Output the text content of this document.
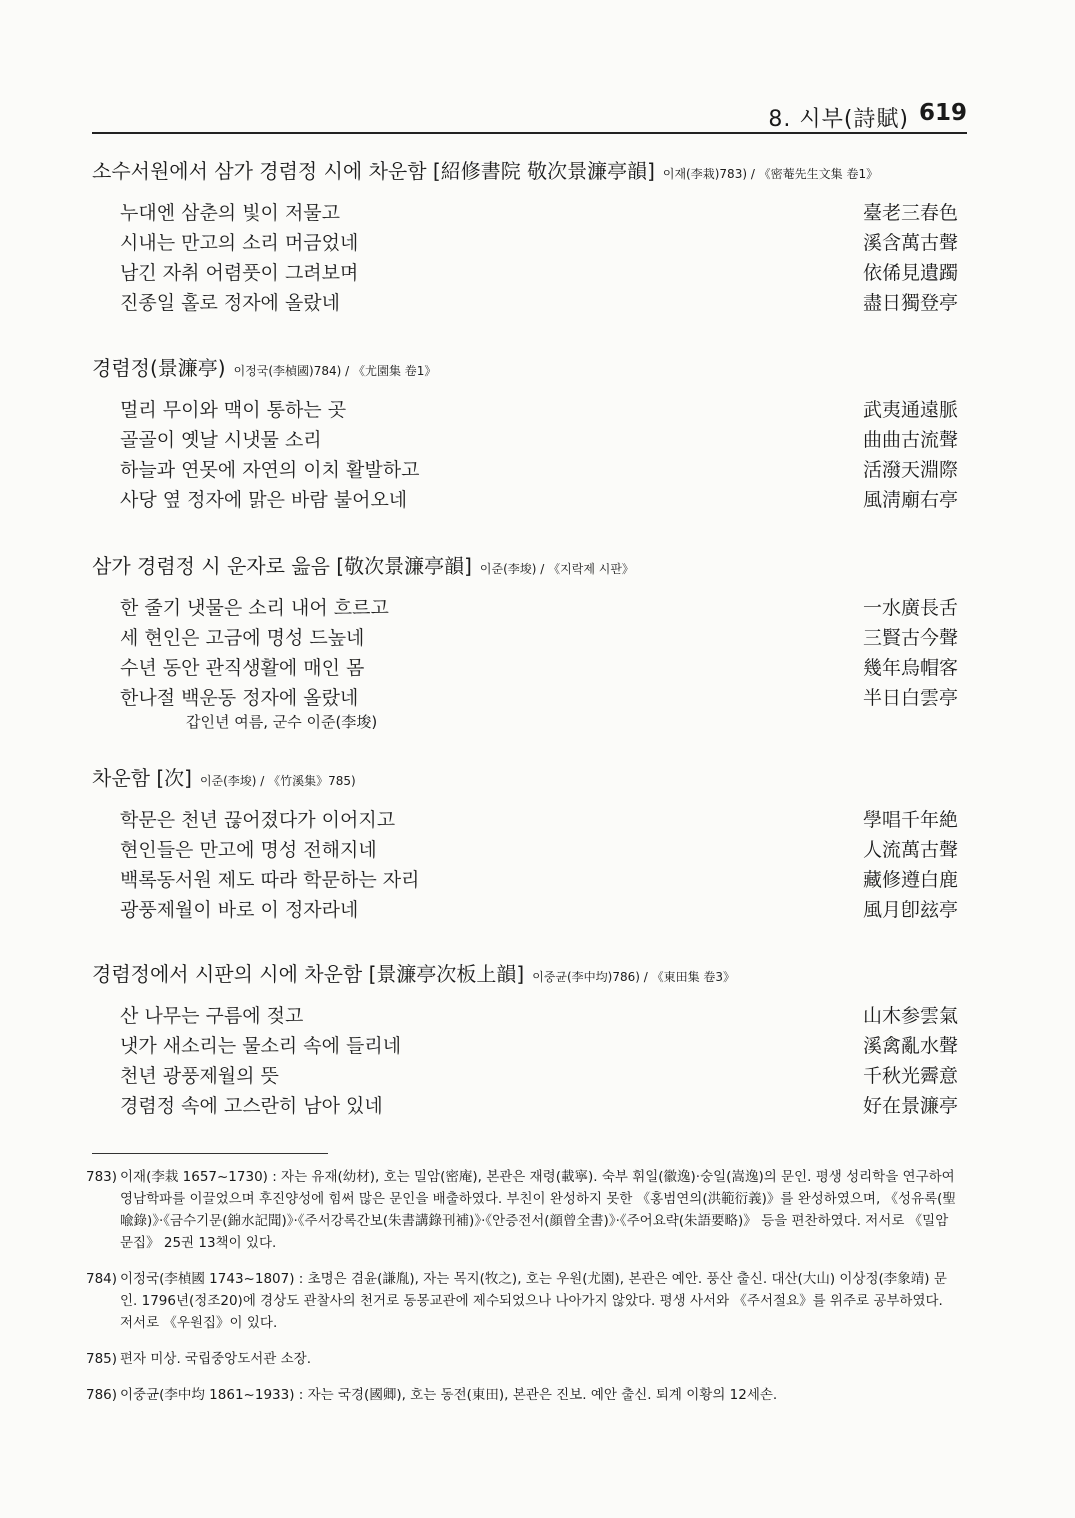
8. 시부(詩賦) 619
소수서원에서 삼가 경렴정 시에 차운함 [紹修書院 敬次景濂亭韻] 이재(李栽)783) / 《密菴先生文集 卷1》
누대엔 삼춘의 빛이 저물고	臺老三春色
시내는 만고의 소리 머금었네	溪含萬古聲
남긴 자취 어렴풋이 그려보며	依俙見遺躅
진종일 홀로 정자에 올랐네	盡日獨登亭
경렴정(景濂亭) 이정국(李楨國)784) / 《尤園集 卷1》
멀리 무이와 맥이 통하는 곳	武夷通遠脈
골골이 옛날 시냇물 소리	曲曲古流聲
하늘과 연못에 자연의 이치 활발하고	活潑天淵際
사당 옆 정자에 맑은 바람 불어오네	風淸廟右亭
삼가 경렴정 시 운자로 읊음 [敬次景濂亭韻] 이준(李埈) / 《지락제 시판》
한 줄기 냇물은 소리 내어 흐르고	一水廣長舌
세 현인은 고금에 명성 드높네	三賢古今聲
수년 동안 관직생활에 매인 몸	幾年烏帽客
한나절 백운동 정자에 올랐네	半日白雲亭
갑인년 여름, 군수 이준(李埈)
차운함 [次] 이준(李埈) / 《竹溪集》785)
학문은 천년 끊어졌다가 이어지고	學唱千年絶
현인들은 만고에 명성 전해지네	人流萬古聲
백록동서원 제도 따라 학문하는 자리	藏修遵白鹿
광풍제월이 바로 이 정자라네	風月卽玆亭
경렴정에서 시판의 시에 차운함 [景濂亭次板上韻] 이중균(李中均)786) / 《東田集 卷3》
산 나무는 구름에 젖고	山木参雲氣
냇가 새소리는 물소리 속에 들리네	溪禽亂水聲
천년 광풍제월의 뜻	千秋光霽意
경렴정 속에 고스란히 남아 있네	好在景濂亭
783) 이재(李栽 1657~1730) : 자는 유재(幼材), 호는 밀암(密庵), 본관은 재령(載寧). 숙부 휘일(徽逸)·숭일(嵩逸)의 문인. 평생 성리학을 연구하여 영남학파를 이끌었으며 후진양성에 힘써 많은 문인을 배출하였다. 부친이 완성하지 못한 《홍범연의(洪範衍義)》를 완성하였으며, 《성유록(聖喩錄)》·《금수기문(錦水記聞)》·《주서강록간보(朱書講錄刊補)》·《안증전서(顔曾全書)》·《주어요략(朱語要略)》 등을 편찬하였다. 저서로 《밀암문집》 25권 13책이 있다.
784) 이정국(李楨國 1743~1807) : 초명은 겸윤(謙胤), 자는 목지(牧之), 호는 우원(尤園), 본관은 예안. 풍산 출신. 대산(大山) 이상정(李象靖) 문인. 1796년(정조20)에 경상도 관찰사의 천거로 동몽교관에 제수되었으나 나아가지 않았다. 평생 사서와 《주서절요》를 위주로 공부하였다. 저서로 《우원집》이 있다.
785) 편자 미상. 국립중앙도서관 소장.
786) 이중균(李中均 1861~1933) : 자는 국경(國卿), 호는 동전(東田), 본관은 진보. 예안 출신. 퇴계 이황의 12세손.
